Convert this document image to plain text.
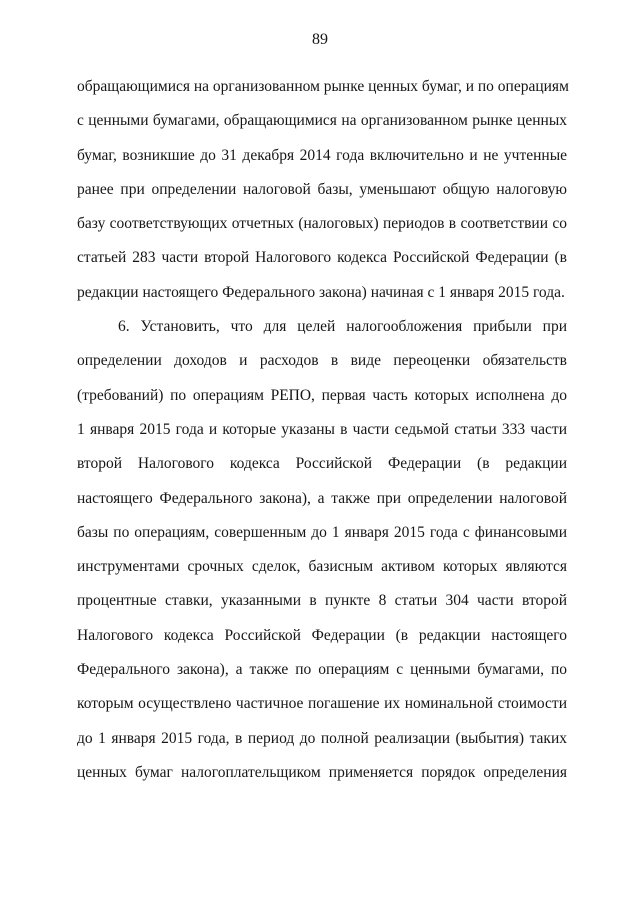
89
обращающимися на организованном рынке ценных бумаг, и по операциям
с ценными бумагами, обращающимися на организованном рынке ценных
бумаг, возникшие до 31 декабря 2014 года включительно и не учтенные
ранее при определении налоговой базы, уменьшают общую налоговую
базу соответствующих отчетных (налоговых) периодов в соответствии со
статьей 283 части второй Налогового кодекса Российской Федерации (в
редакции настоящего Федерального закона) начиная с 1 января 2015 года.
6. Установить, что для целей налогообложения прибыли при
определении доходов и расходов в виде переоценки обязательств
(требований) по операциям РЕПО, первая часть которых исполнена до
1 января 2015 года и которые указаны в части седьмой статьи 333 части
второй Налогового кодекса Российской Федерации (в редакции
настоящего Федерального закона), а также при определении налоговой
базы по операциям, совершенным до 1 января 2015 года с финансовыми
инструментами срочных сделок, базисным активом которых являются
процентные ставки, указанными в пункте 8 статьи 304 части второй
Налогового кодекса Российской Федерации (в редакции настоящего
Федерального закона), а также по операциям с ценными бумагами, по
которым осуществлено частичное погашение их номинальной стоимости
до 1 января 2015 года, в период до полной реализации (выбытия) таких
ценных бумаг налогоплательщиком применяется порядок определения
